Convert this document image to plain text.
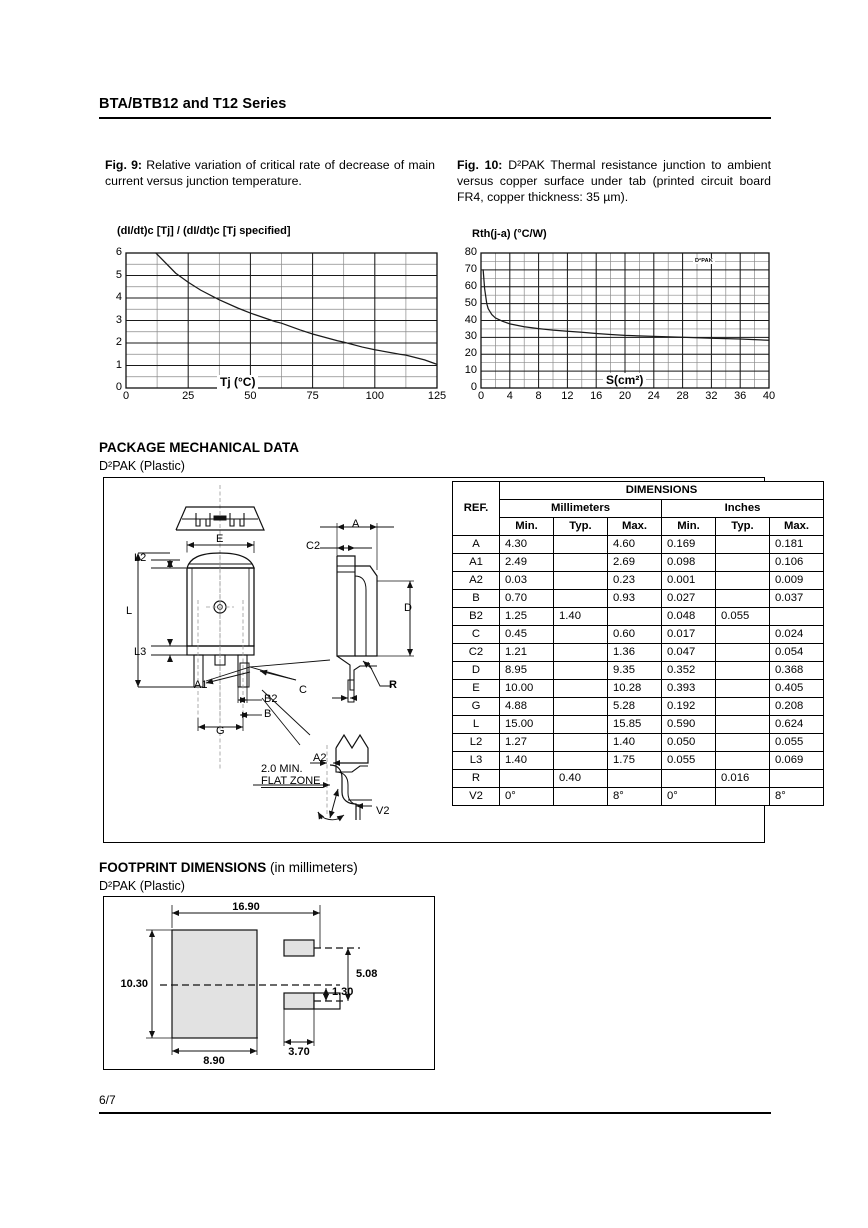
BTA/BTB12 and T12 Series
Fig. 9: Relative variation of critical rate of decrease of main current versus junction temperature.
Fig. 10: D²PAK Thermal resistance junction to ambient versus copper surface under tab (printed circuit board FR4, copper thickness: 35 µm).
(dI/dt)c [Tj] / (dI/dt)c [Tj specified]
Tj (°C)
0
1
2
3
4
5
6
0	25	50	75	100	125
Rth(j-a) (°C/W)
S(cm²)
D²PAK
0
10
20
30
40
50
60
70
80
0 4 8 12 16 20 24 28 32 36 40
PACKAGE MECHANICAL DATA
D²PAK (Plastic)
E
L
L2
L3
B2
B
G
A
C2
D
A1	C	R
A2
V2
2.0 MIN.
FLAT ZONE
REF.	DIMENSIONS					
	Millimeters			Inches		
	Min.	Typ.	Max.	Min.	Typ.	Max.
A	4.30		4.60	0.169		0.181
A1	2.49		2.69	0.098		0.106
A2	0.03		0.23	0.001		0.009
B	0.70		0.93	0.027		0.037
B2	1.25	1.40		0.048	0.055	
C	0.45		0.60	0.017		0.024
C2	1.21		1.36	0.047		0.054
D	8.95		9.35	0.352		0.368
E	10.00		10.28	0.393		0.405
G	4.88		5.28	0.192		0.208
L	15.00		15.85	0.590		0.624
L2	1.27		1.40	0.050		0.055
L3	1.40		1.75	0.055		0.069
R		0.40			0.016	
V2	0°		8°	0°		8°
FOOTPRINT DIMENSIONS (in millimeters)
D²PAK (Plastic)
16.90
10.30
8.90
5.08
1.30
3.70
6/7
